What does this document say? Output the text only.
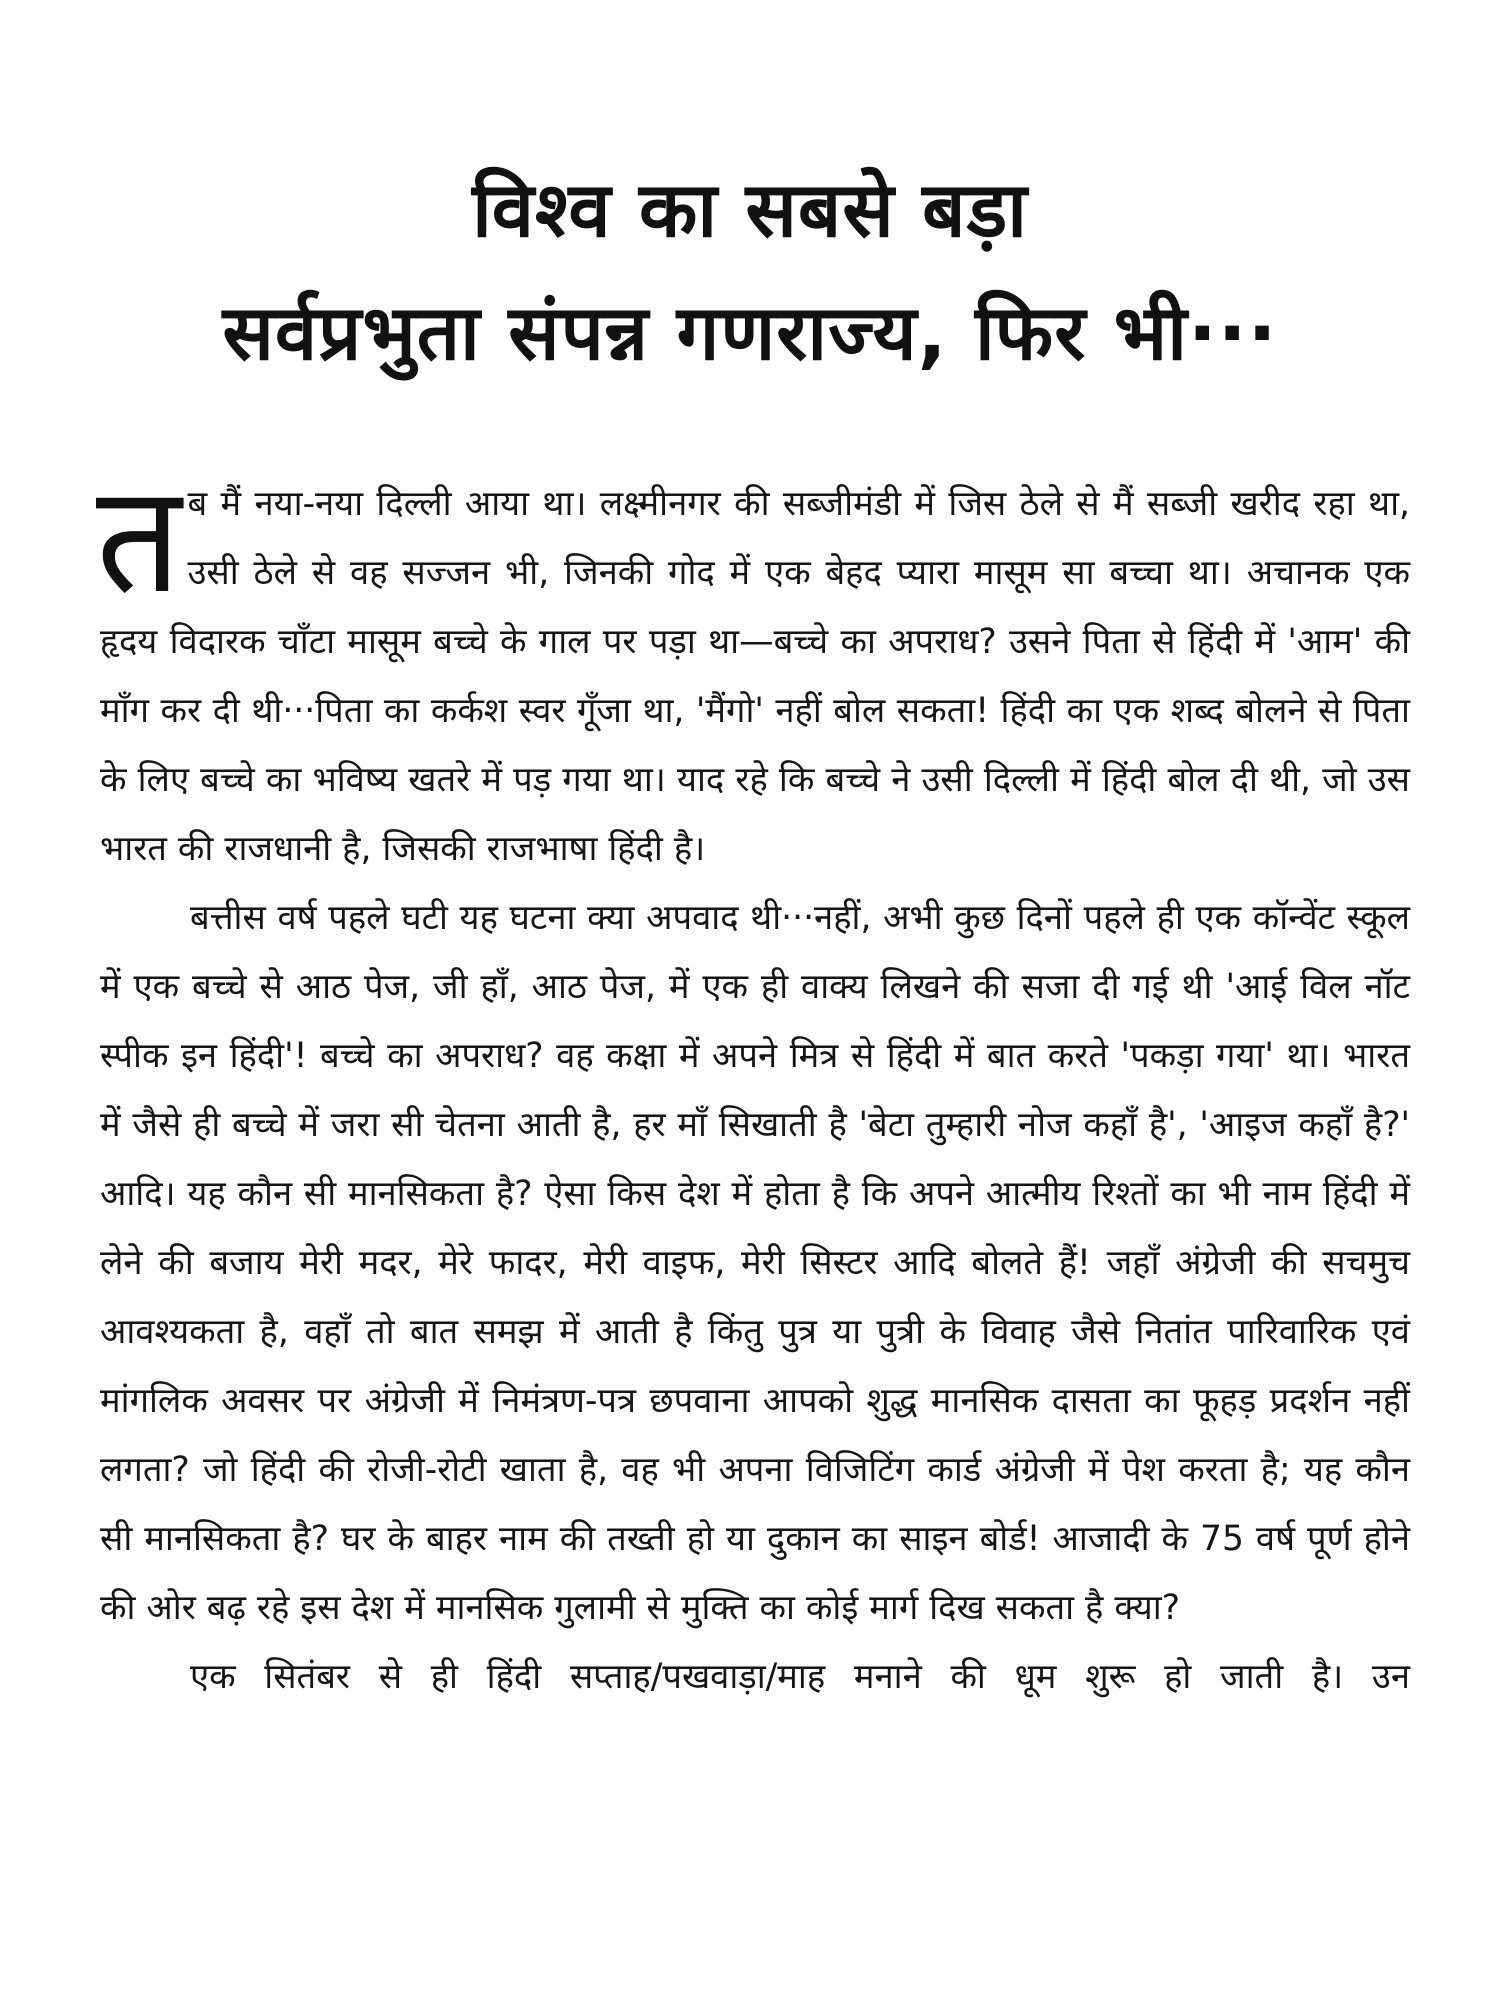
विश्व का सबसे बड़ा
सर्वप्रभुता संपन्न गणराज्य, फिर भी···

तब मैं नया-नया दिल्ली आया था। लक्ष्मीनगर की सब्जीमंडी में जिस ठेले से मैं सब्जी खरीद रहा था, उसी ठेले से वह सज्जन भी, जिनकी गोद में एक बेहद प्यारा मासूम सा बच्चा था। अचानक एक हृदय विदारक चाँटा मासूम बच्चे के गाल पर पड़ा था—बच्चे का अपराध? उसने पिता से हिंदी में 'आम' की माँग कर दी थी···पिता का कर्कश स्वर गूँजा था, 'मैंगो' नहीं बोल सकता! हिंदी का एक शब्द बोलने से पिता के लिए बच्चे का भविष्य खतरे में पड़ गया था। याद रहे कि बच्चे ने उसी दिल्ली में हिंदी बोल दी थी, जो उस भारत की राजधानी है, जिसकी राजभाषा हिंदी है।

बत्तीस वर्ष पहले घटी यह घटना क्या अपवाद थी···नहीं, अभी कुछ दिनों पहले ही एक कॉन्वेंट स्कूल में एक बच्चे से आठ पेज, जी हाँ, आठ पेज, में एक ही वाक्य लिखने की सजा दी गई थी 'आई विल नॉट स्पीक इन हिंदी'! बच्चे का अपराध? वह कक्षा में अपने मित्र से हिंदी में बात करते 'पकड़ा गया' था। भारत में जैसे ही बच्चे में जरा सी चेतना आती है, हर माँ सिखाती है 'बेटा तुम्हारी नोज कहाँ है', 'आइज कहाँ है?' आदि। यह कौन सी मानसिकता है? ऐसा किस देश में होता है कि अपने आत्मीय रिश्तों का भी नाम हिंदी में लेने की बजाय मेरी मदर, मेरे फादर, मेरी वाइफ, मेरी सिस्टर आदि बोलते हैं! जहाँ अंग्रेजी की सचमुच आवश्यकता है, वहाँ तो बात समझ में आती है किंतु पुत्र या पुत्री के विवाह जैसे नितांत पारिवारिक एवं मांगलिक अवसर पर अंग्रेजी में निमंत्रण-पत्र छपवाना आपको शुद्ध मानसिक दासता का फूहड़ प्रदर्शन नहीं लगता? जो हिंदी की रोजी-रोटी खाता है, वह भी अपना विजिटिंग कार्ड अंग्रेजी में पेश करता है; यह कौन सी मानसिकता है? घर के बाहर नाम की तख्ती हो या दुकान का साइन बोर्ड! आजादी के 75 वर्ष पूर्ण होने की ओर बढ़ रहे इस देश में मानसिक गुलामी से मुक्ति का कोई मार्ग दिख सकता है क्या?

एक सितंबर से ही हिंदी सप्ताह/पखवाड़ा/माह मनाने की धूम शुरू हो जाती है। उन
